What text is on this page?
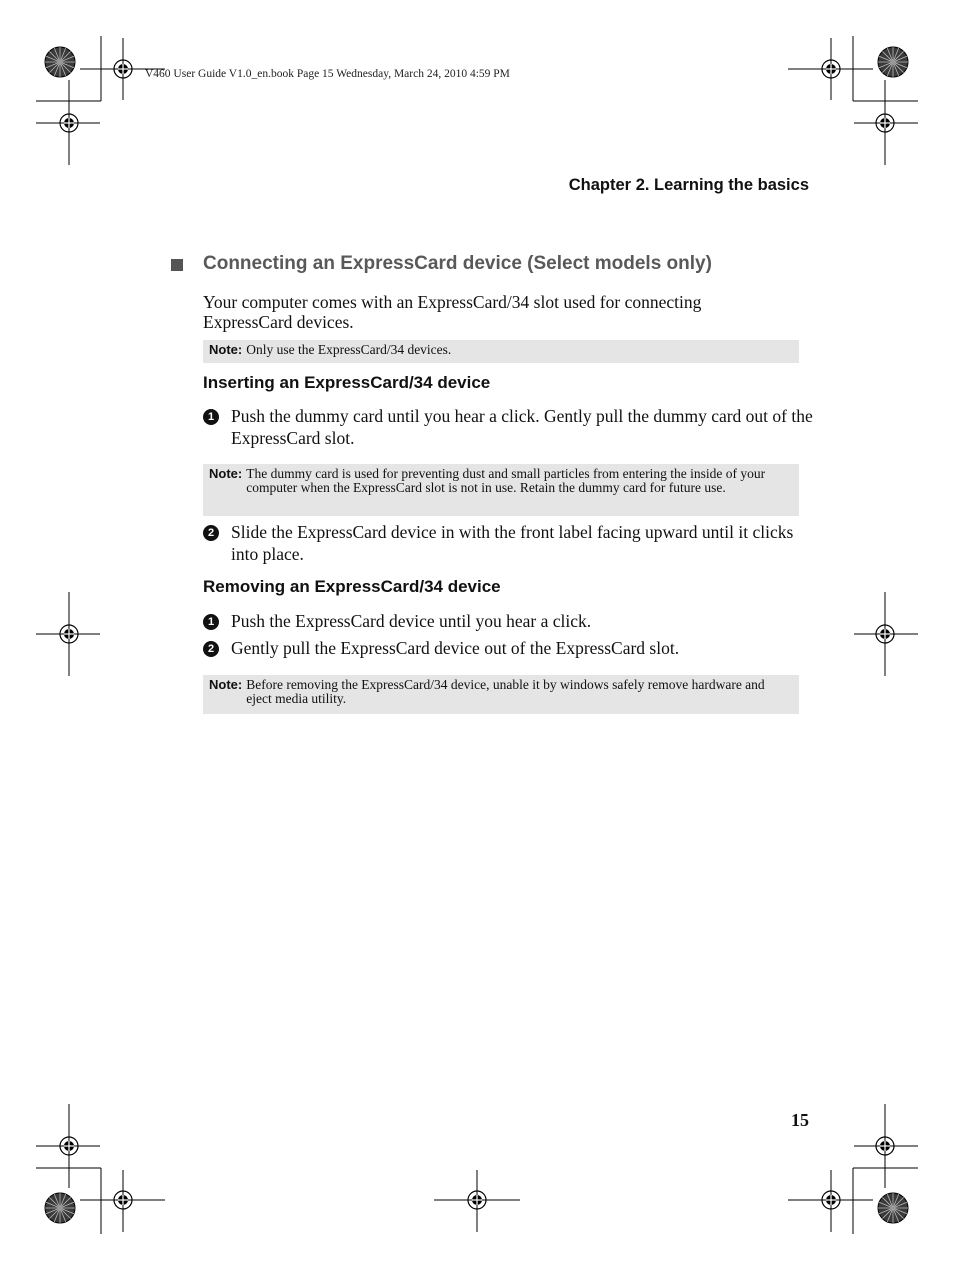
V460 User Guide V1.0_en.book Page 15 Wednesday, March 24, 2010 4:59 PM
Chapter 2. Learning the basics
Connecting an ExpressCard device (Select models only)
Your computer comes with an ExpressCard/34 slot used for connecting ExpressCard devices.
Note: Only use the ExpressCard/34 devices.
Inserting an ExpressCard/34 device
1 Push the dummy card until you hear a click. Gently pull the dummy card out of the ExpressCard slot.
Note: The dummy card is used for preventing dust and small particles from entering the inside of your computer when the ExpressCard slot is not in use. Retain the dummy card for future use.
2 Slide the ExpressCard device in with the front label facing upward until it clicks into place.
Removing an ExpressCard/34 device
1 Push the ExpressCard device until you hear a click.
2 Gently pull the ExpressCard device out of the ExpressCard slot.
Note: Before removing the ExpressCard/34 device, unable it by windows safely remove hardware and eject media utility.
15
